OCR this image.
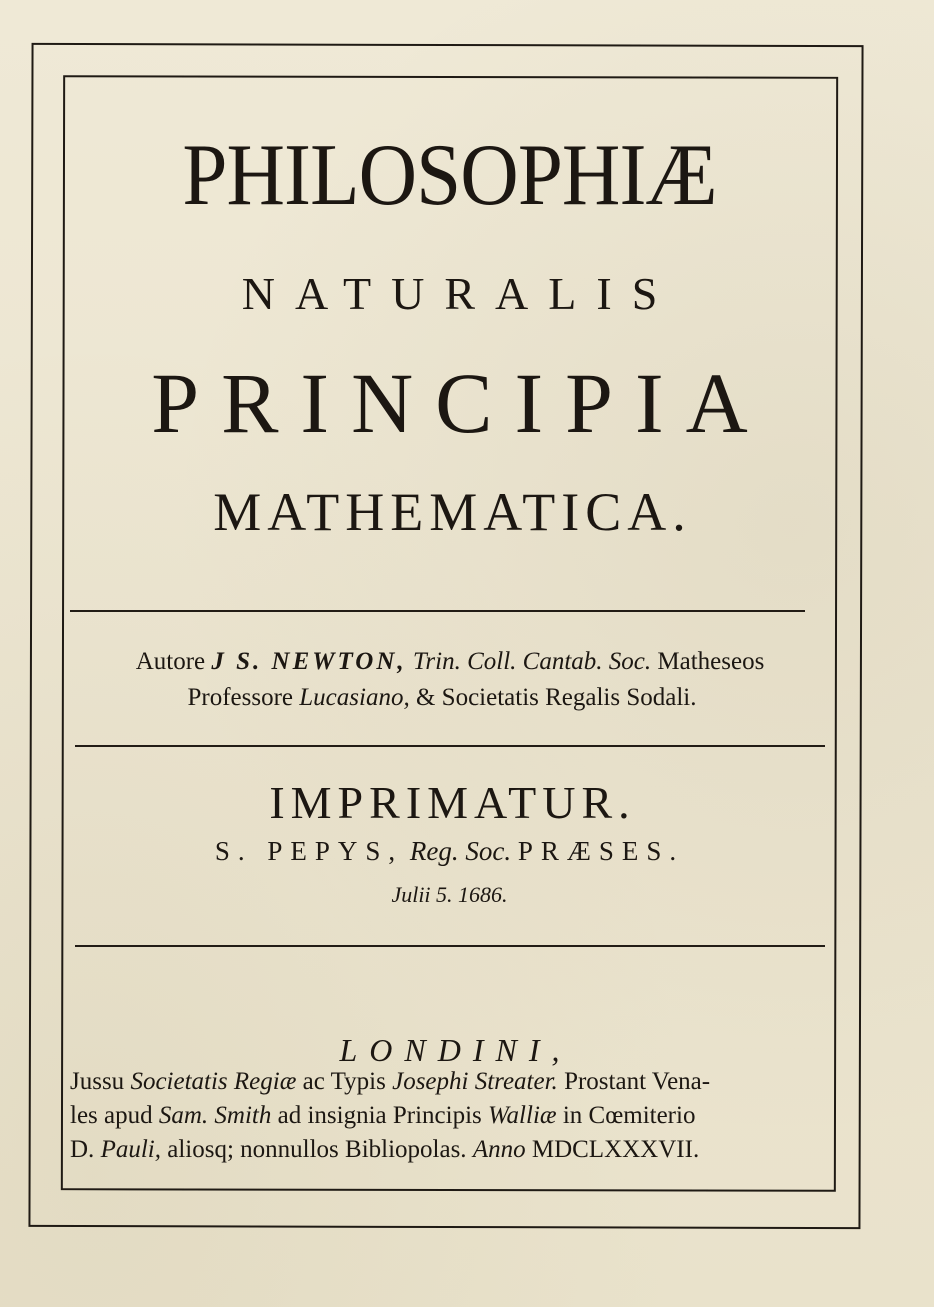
PHILOSOPHIÆ
NATURALIS
PRINCIPIA
MATHEMATICA.
Autore J S. NEWTON, Trin. Coll. Cantab. Soc. Matheseos
Professore Lucasiano, & Societatis Regalis Sodali.
IMPRIMATUR.
S. PEPYS, Reg. Soc. PRÆSES.
Julii 5. 1686.
LONDINI,
Jussu Societatis Regiæ ac Typis Josephi Streater. Prostant Vena-
les apud Sam. Smith ad insignia Principis Walliæ in Cœmiterio
D. Pauli, aliosq; nonnullos Bibliopolas. Anno MDCLXXXVII.
